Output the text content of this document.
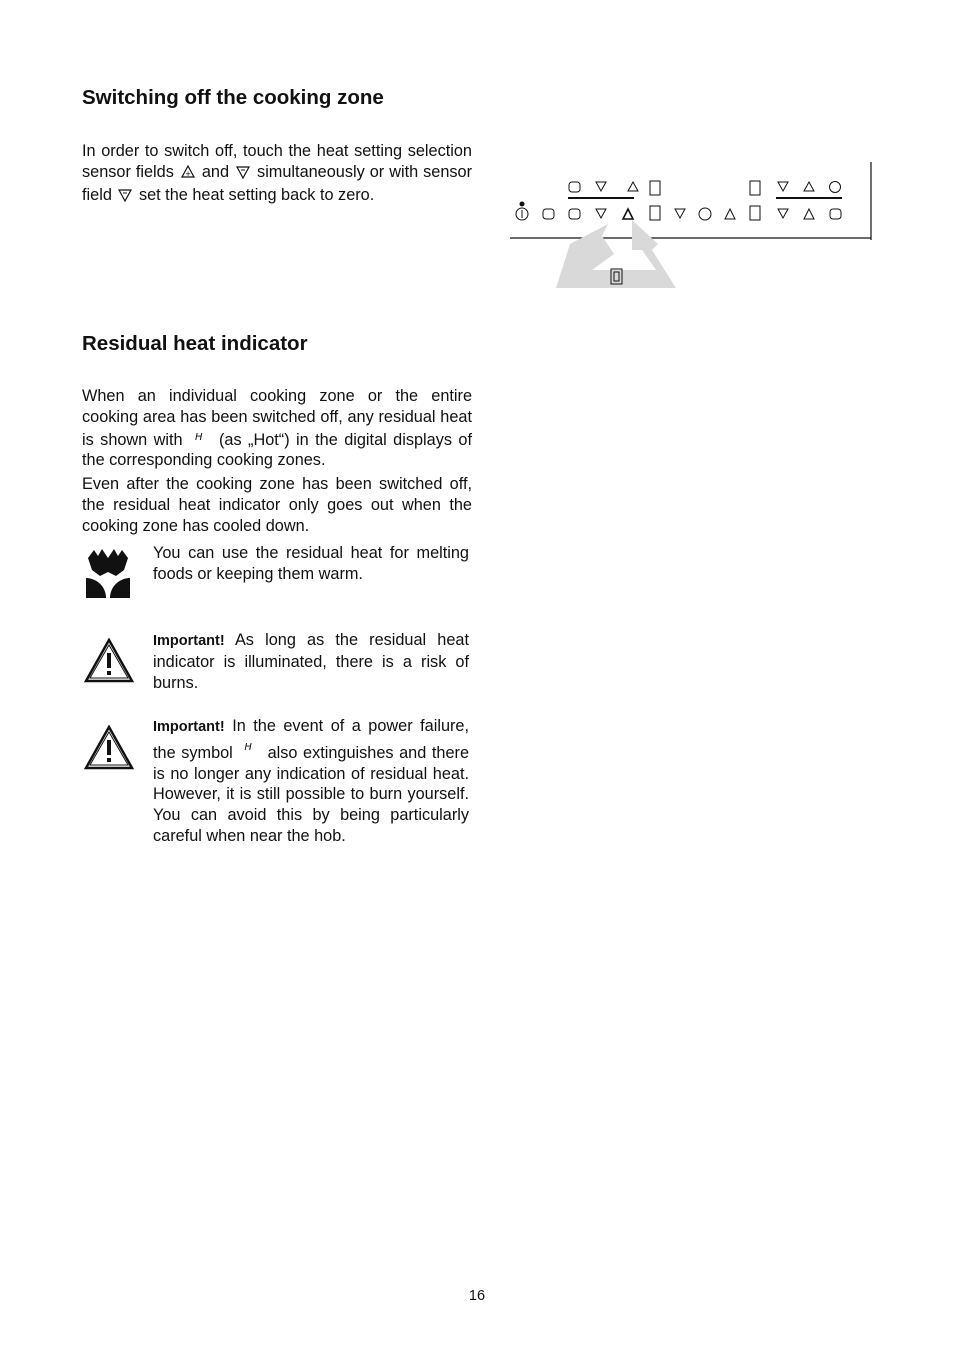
Switching off the cooking zone

In order to switch off, touch the heat setting selection sensor fields + and simultaneously or with sensor field set the heat setting back to zero.

Residual heat indicator

When an individual cooking zone or the entire cooking area has been switched off, any residual heat is shown with $^H$ (as „Hot“) in the digital displays of the corresponding cooking zones.

Even after the cooking zone has been switched off, the residual heat indicator only goes out when the cooking zone has cooled down.

You can use the residual heat for melting foods or keeping them warm.

Important! As long as the residual heat indicator is illuminated, there is a risk of burns.

Important! In the event of a power failure, the symbol $^H$ also extinguishes and there is no longer any indication of residual heat. However, it is still possible to burn yourself. You can avoid this by being particularly careful when near the hob.

16
